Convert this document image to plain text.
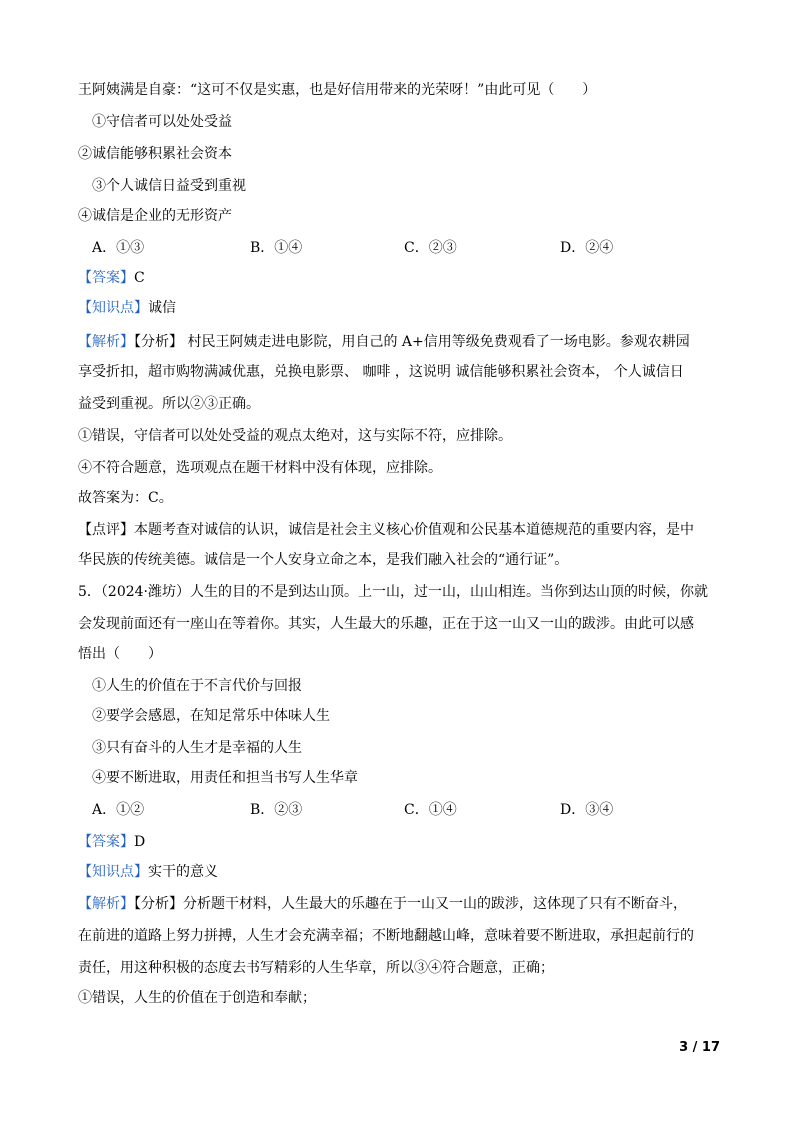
王阿姨满是自豪：“这可不仅是实惠，也是好信用带来的光荣呀！”由此可见（　　）
①守信者可以处处受益
②诚信能够积累社会资本
③个人诚信日益受到重视
④诚信是企业的无形资产
A．①③	B．①④	C．②③	D．②④
【答案】C
【知识点】诚信
【解析】【分析】 村民王阿姨走进电影院，用自己的 A+信用等级免费观看了一场电影。参观农耕园
享受折扣，超市购物满减优惠，兑换电影票、 咖啡 ，这说明 诚信能够积累社会资本， 个人诚信日
益受到重视。所以②③正确。
①错误，守信者可以处处受益的观点太绝对，这与实际不符，应排除。
④不符合题意，选项观点在题干材料中没有体现，应排除。
故答案为：C。
【点评】本题考查对诚信的认识，诚信是社会主义核心价值观和公民基本道德规范的重要内容，是中
华民族的传统美德。诚信是一个人安身立命之本，是我们融入社会的“通行证”。
5．（2024·潍坊）人生的目的不是到达山顶。上一山，过一山，山山相连。当你到达山顶的时候，你就
会发现前面还有一座山在等着你。其实，人生最大的乐趣，正在于这一山又一山的跋涉。由此可以感
悟出（　　）
①人生的价值在于不言代价与回报
②要学会感恩，在知足常乐中体味人生
③只有奋斗的人生才是幸福的人生
④要不断进取，用责任和担当书写人生华章
A．①②	B．②③	C．①④	D．③④
【答案】D
【知识点】实干的意义
【解析】【分析】分析题干材料，人生最大的乐趣在于一山又一山的跋涉，这体现了只有不断奋斗，
在前进的道路上努力拼搏，人生才会充满幸福；不断地翻越山峰，意味着要不断进取，承担起前行的
责任，用这种积极的态度去书写精彩的人生华章，所以③④符合题意，正确；
①错误，人生的价值在于创造和奉献；
3 / 17
